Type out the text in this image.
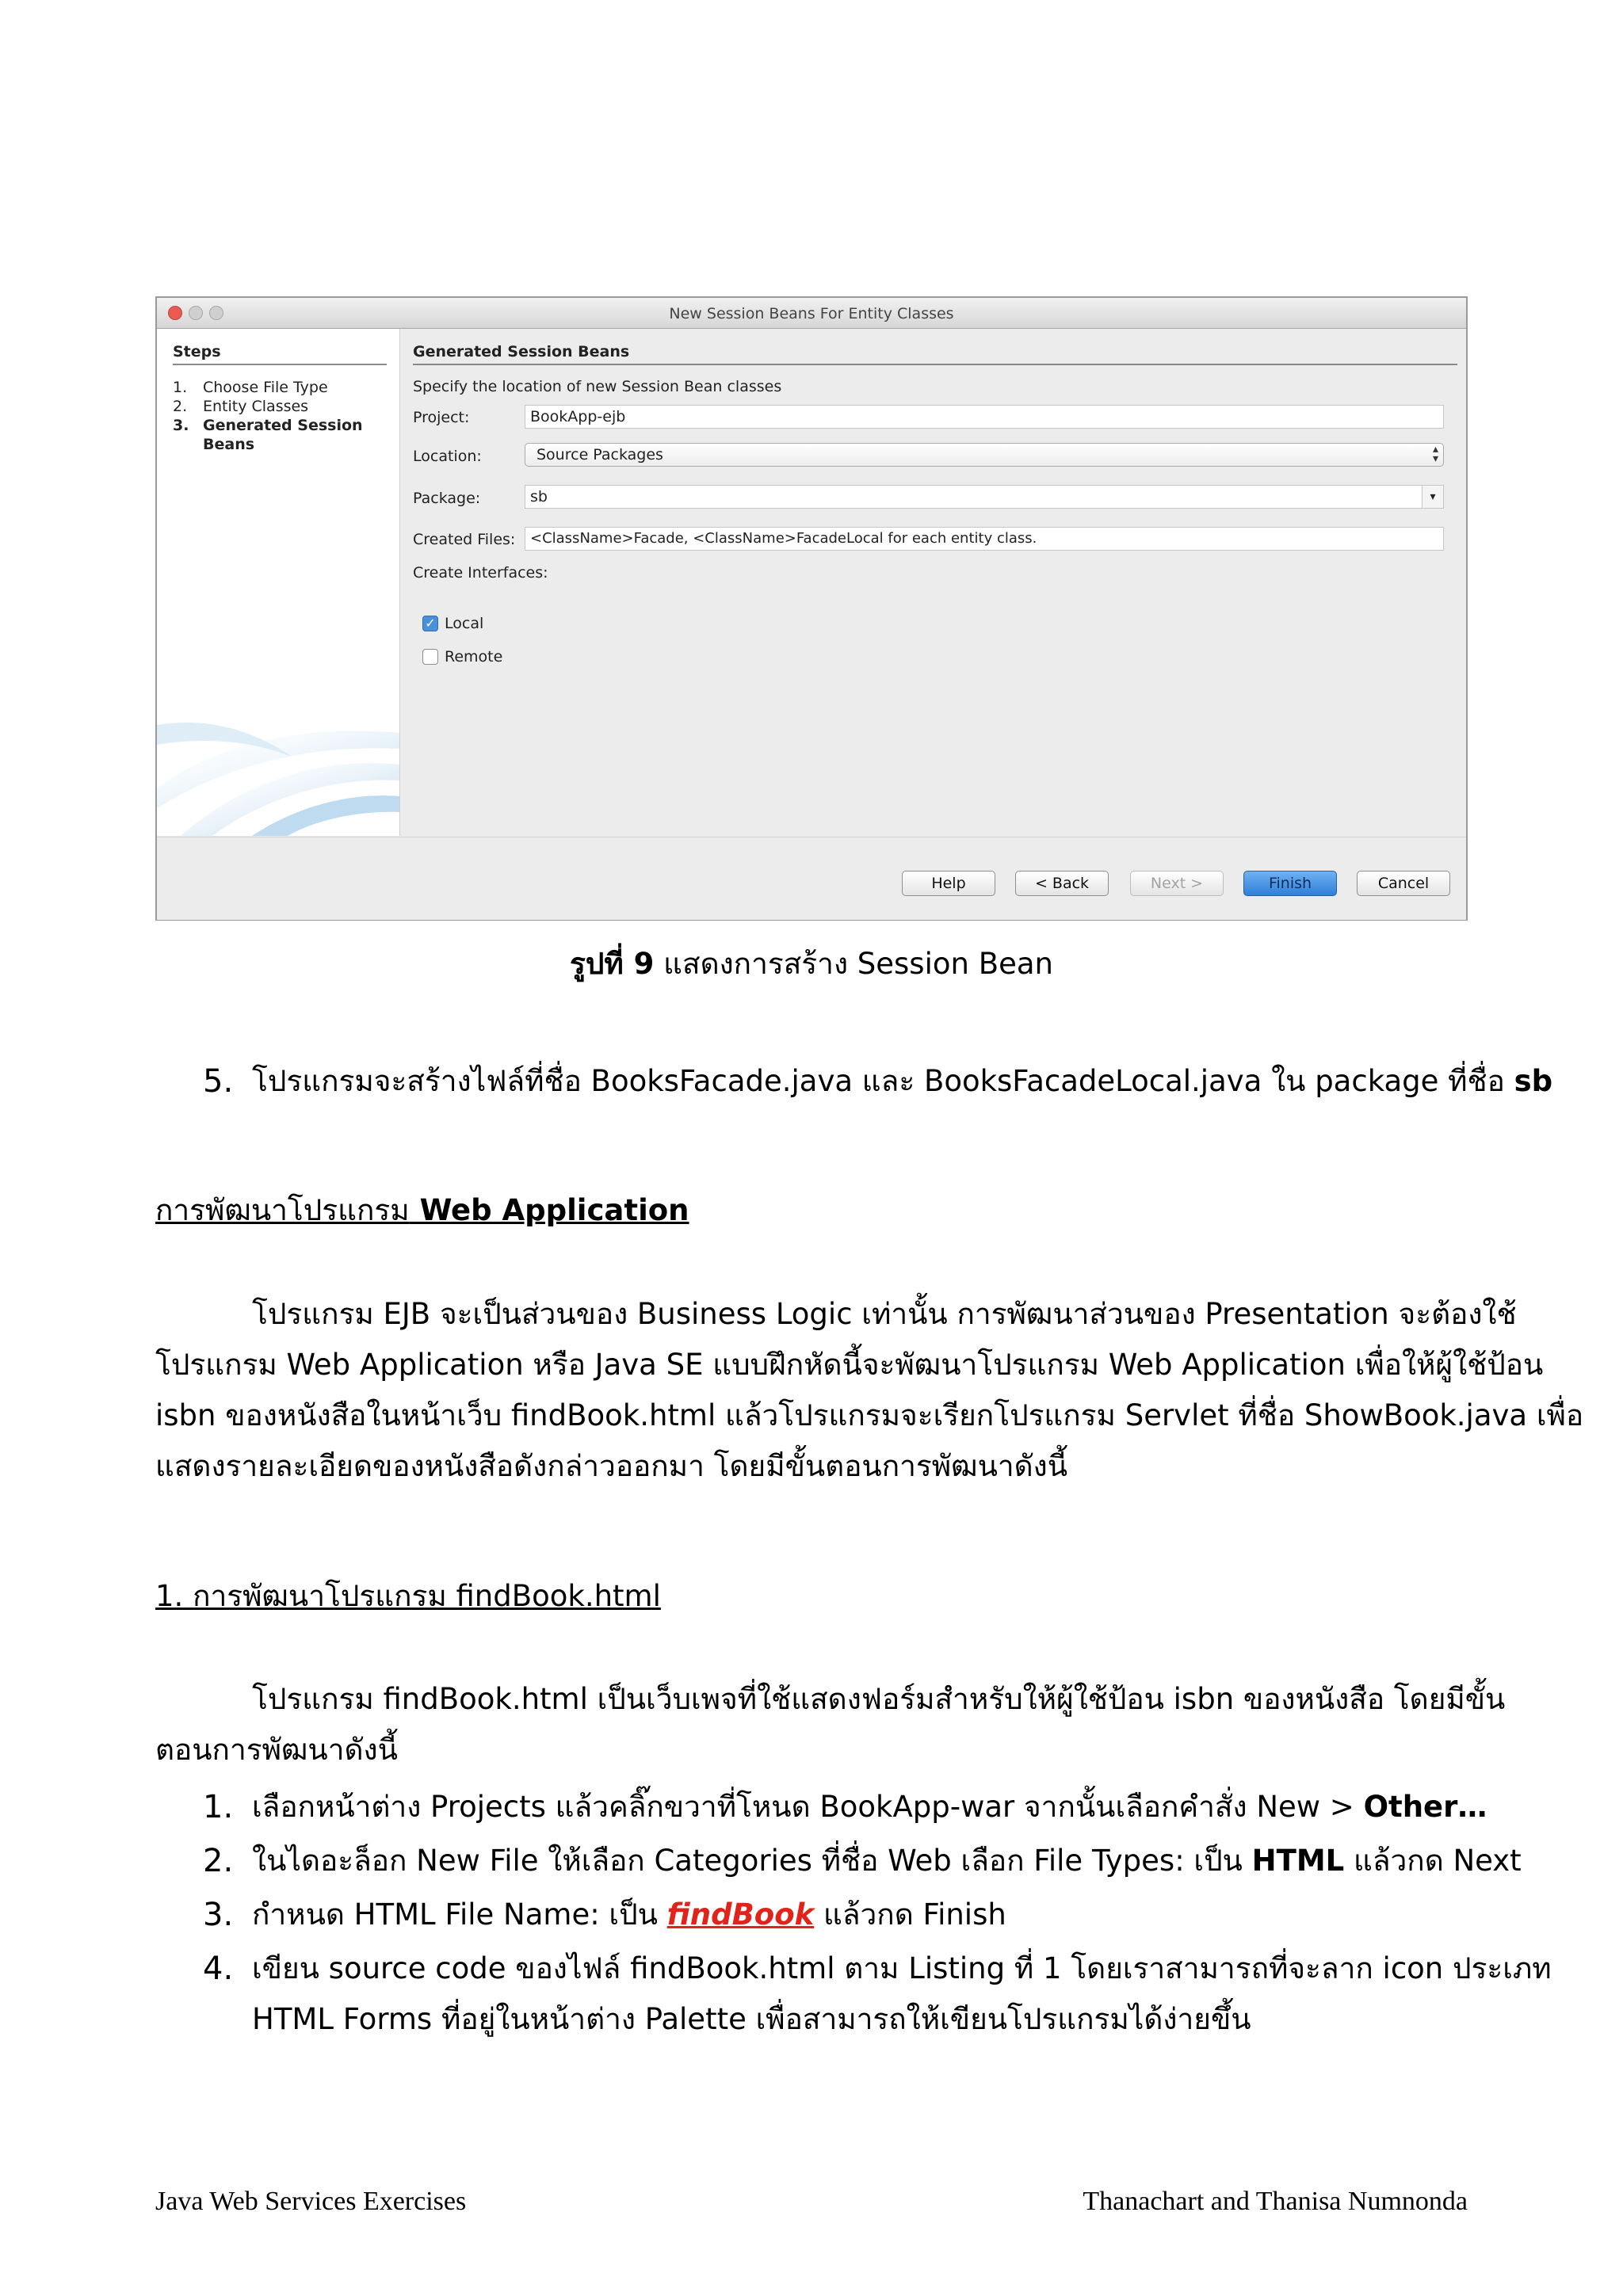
New Session Beans For Entity Classes
Steps
1. Choose File Type
2. Entity Classes
3. Generated Session
Beans
Generated Session Beans
Specify the location of new Session Bean classes
Project:	BookApp-ejb
Location:	Source Packages	▴
▾
Package:	sb	▾
Created Files:	<ClassName>Facade, <ClassName>FacadeLocal for each entity class.
Create Interfaces:
✓ Local
Remote
Help	< Back	Next >	Finish	Cancel
รูปที่ 9 แสดงการสร้าง Session Bean
5. โปรแกรมจะสร้างไฟล์ที่ชื่อ BooksFacade.java และ BooksFacadeLocal.java ใน package ที่ชื่อ sb
การพัฒนาโปรแกรม Web Application
โปรแกรม EJB จะเป็นส่วนของ Business Logic เท่านั้น การพัฒนาส่วนของ Presentation จะต้องใช้
โปรแกรม Web Application หรือ Java SE แบบฝึกหัดนี้จะพัฒนาโปรแกรม Web Application เพื่อให้ผู้ใช้ป้อน
isbn ของหนังสือในหน้าเว็บ findBook.html แล้วโปรแกรมจะเรียกโปรแกรม Servlet ที่ชื่อ ShowBook.java เพื่อ
แสดงรายละเอียดของหนังสือดังกล่าวออกมา โดยมีขั้นตอนการพัฒนาดังนี้
1. การพัฒนาโปรแกรม findBook.html
โปรแกรม findBook.html เป็นเว็บเพจที่ใช้แสดงฟอร์มสำหรับให้ผู้ใช้ป้อน isbn ของหนังสือ โดยมีขั้น
ตอนการพัฒนาดังนี้
1. เลือกหน้าต่าง Projects แล้วคลิ๊กขวาที่โหนด BookApp-war จากนั้นเลือกคำสั่ง New > Other…
2. ในไดอะล็อก New File ให้เลือก Categories ที่ชื่อ Web เลือก File Types: เป็น HTML แล้วกด Next
3. กำหนด HTML File Name: เป็น findBook แล้วกด Finish
4. เขียน source code ของไฟล์ findBook.html ตาม Listing ที่ 1 โดยเราสามารถที่จะลาก icon ประเภท
HTML Forms ที่อยู่ในหน้าต่าง Palette เพื่อสามารถให้เขียนโปรแกรมได้ง่ายขึ้น
Java Web Services Exercises	Thanachart and Thanisa Numnonda
